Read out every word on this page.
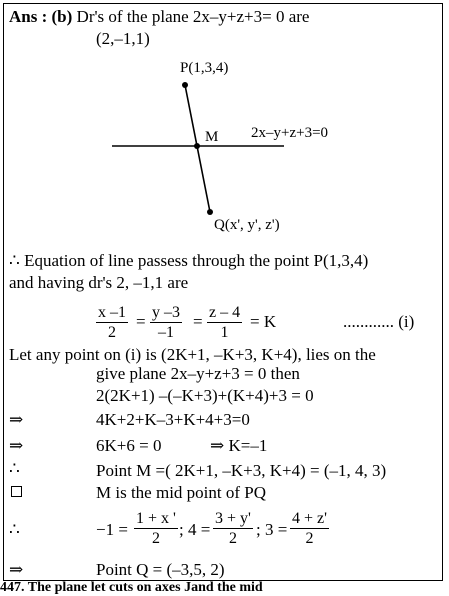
Ans : (b) Dr's of the plane 2x–y+z+3= 0 are
(2,–1,1)
P(1,3,4)
M 2x–y+z+3=0
Q(x', y', z')
∴ Equation of line passess through the point P(1,3,4)
and having dr's 2, –1,1 are
$\frac{x -1}{2} = \frac{y -3}{-1} = \frac{z - 4}{1} = K$	............ (i)
Let any point on (i) is (2K+1, –K+3, K+4), lies on the
give plane 2x–y+z+3 = 0 then
2(2K+1) –(–K+3)+(K+4)+3 = 0
⇒	4K+2+K–3+K+4+3=0
⇒	6K+6 = 0	⇒ K=–1
∴	Point M =( 2K+1, –K+3, K+4) = (–1, 4, 3)
M is the mid point of PQ
∴	$-1 = \frac{1 + x '}{2}$ ; $4 = \frac{3 + y'}{2}$ ; $3 = \frac{4 + z'}{2}$
⇒	Point Q = (–3,5, 2)
447. The plane let cuts on axes Jand the mid
